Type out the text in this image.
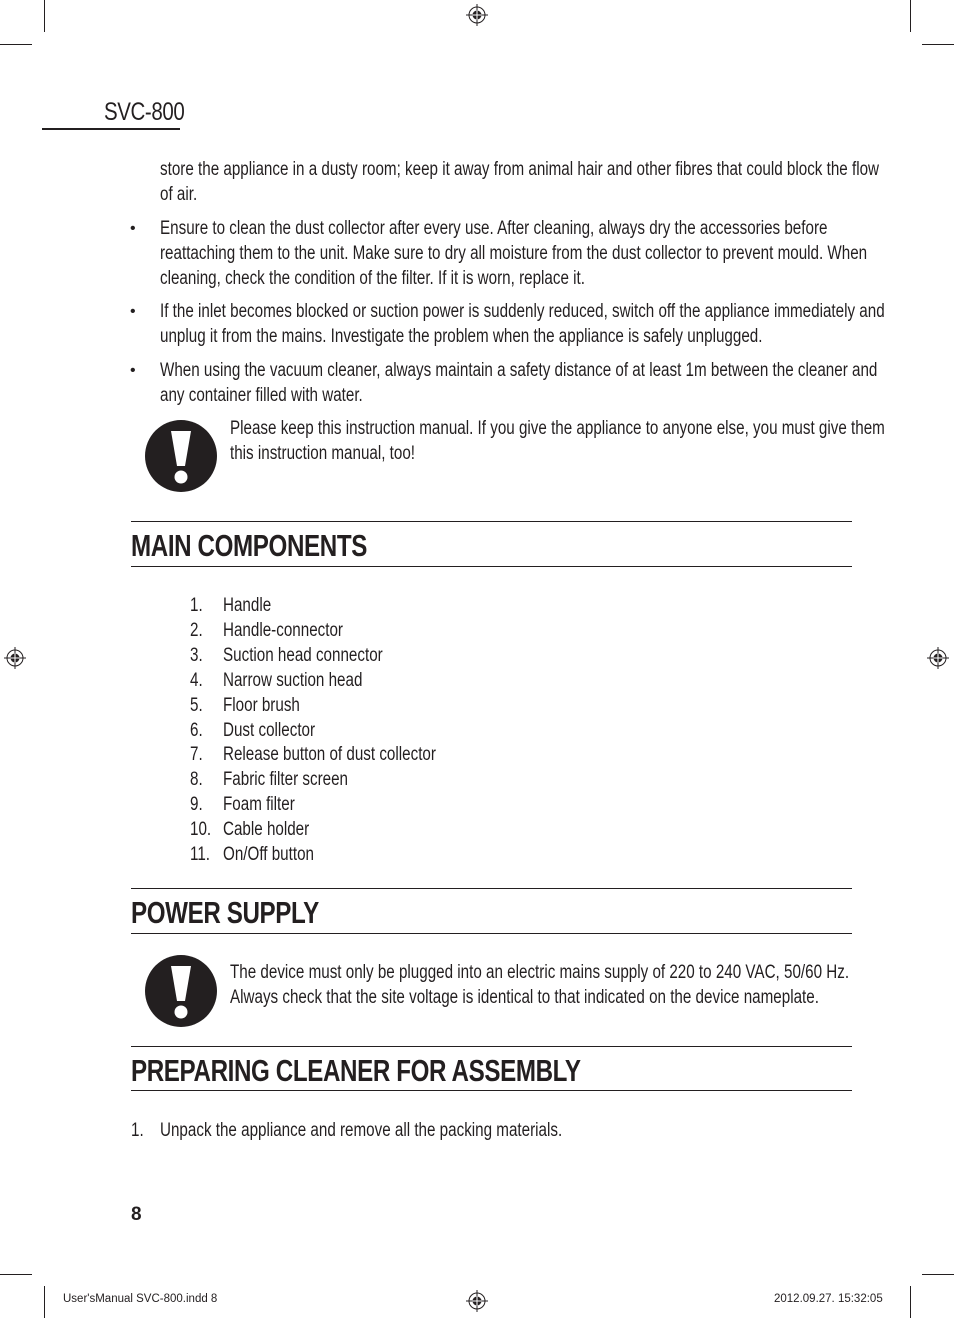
SVC-800
store the appliance in a dusty room; keep it away from animal hair and other fibres that could block the flow
of air.
• Ensure to clean the dust collector after every use. After cleaning, always dry the accessories before
reattaching them to the unit. Make sure to dry all moisture from the dust collector to prevent mould. When
cleaning, check the condition of the filter. If it is worn, replace it.
• If the inlet becomes blocked or suction power is suddenly reduced, switch off the appliance immediately and
unplug it from the mains. Investigate the problem when the appliance is safely unplugged.
• When using the vacuum cleaner, always maintain a safety distance of at least 1m between the cleaner and
any container filled with water.
Please keep this instruction manual. If you give the appliance to anyone else, you must give them
this instruction manual, too!
MAIN COMPONENTS
1. Handle
2. Handle-connector
3. Suction head connector
4. Narrow suction head
5. Floor brush
6. Dust collector
7. Release button of dust collector
8. Fabric filter screen
9. Foam filter
10. Cable holder
11. On/Off button
POWER SUPPLY
The device must only be plugged into an electric mains supply of 220 to 240 VAC, 50/60 Hz.
Always check that the site voltage is identical to that indicated on the device nameplate.
PREPARING CLEANER FOR ASSEMBLY
1. Unpack the appliance and remove all the packing materials.
8
User'sManual SVC-800.indd 8	2012.09.27. 15:32:05
